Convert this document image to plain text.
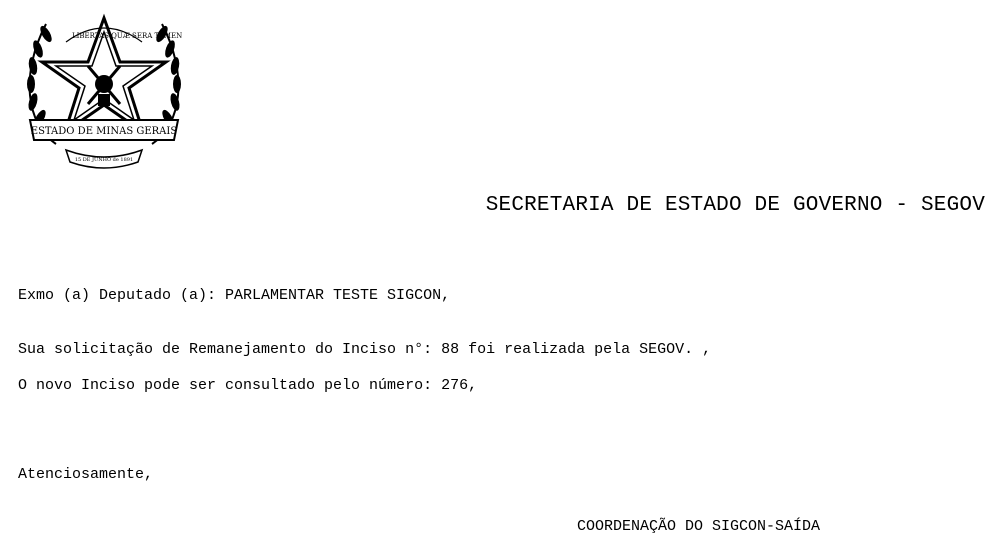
LIBERTAS QUÆ SERA TAMEN
ESTADO DE MINAS GERAIS
15 DE JUNHO de 1891
SECRETARIA DE ESTADO DE GOVERNO - SEGOV
Exmo (a) Deputado (a): PARLAMENTAR TESTE SIGCON,
Sua solicitação de Remanejamento do Inciso n°: 88 foi realizada pela SEGOV. ,
O novo Inciso pode ser consultado pelo número: 276,
Atenciosamente,
COORDENAÇÃO DO SIGCON-SAÍDA
